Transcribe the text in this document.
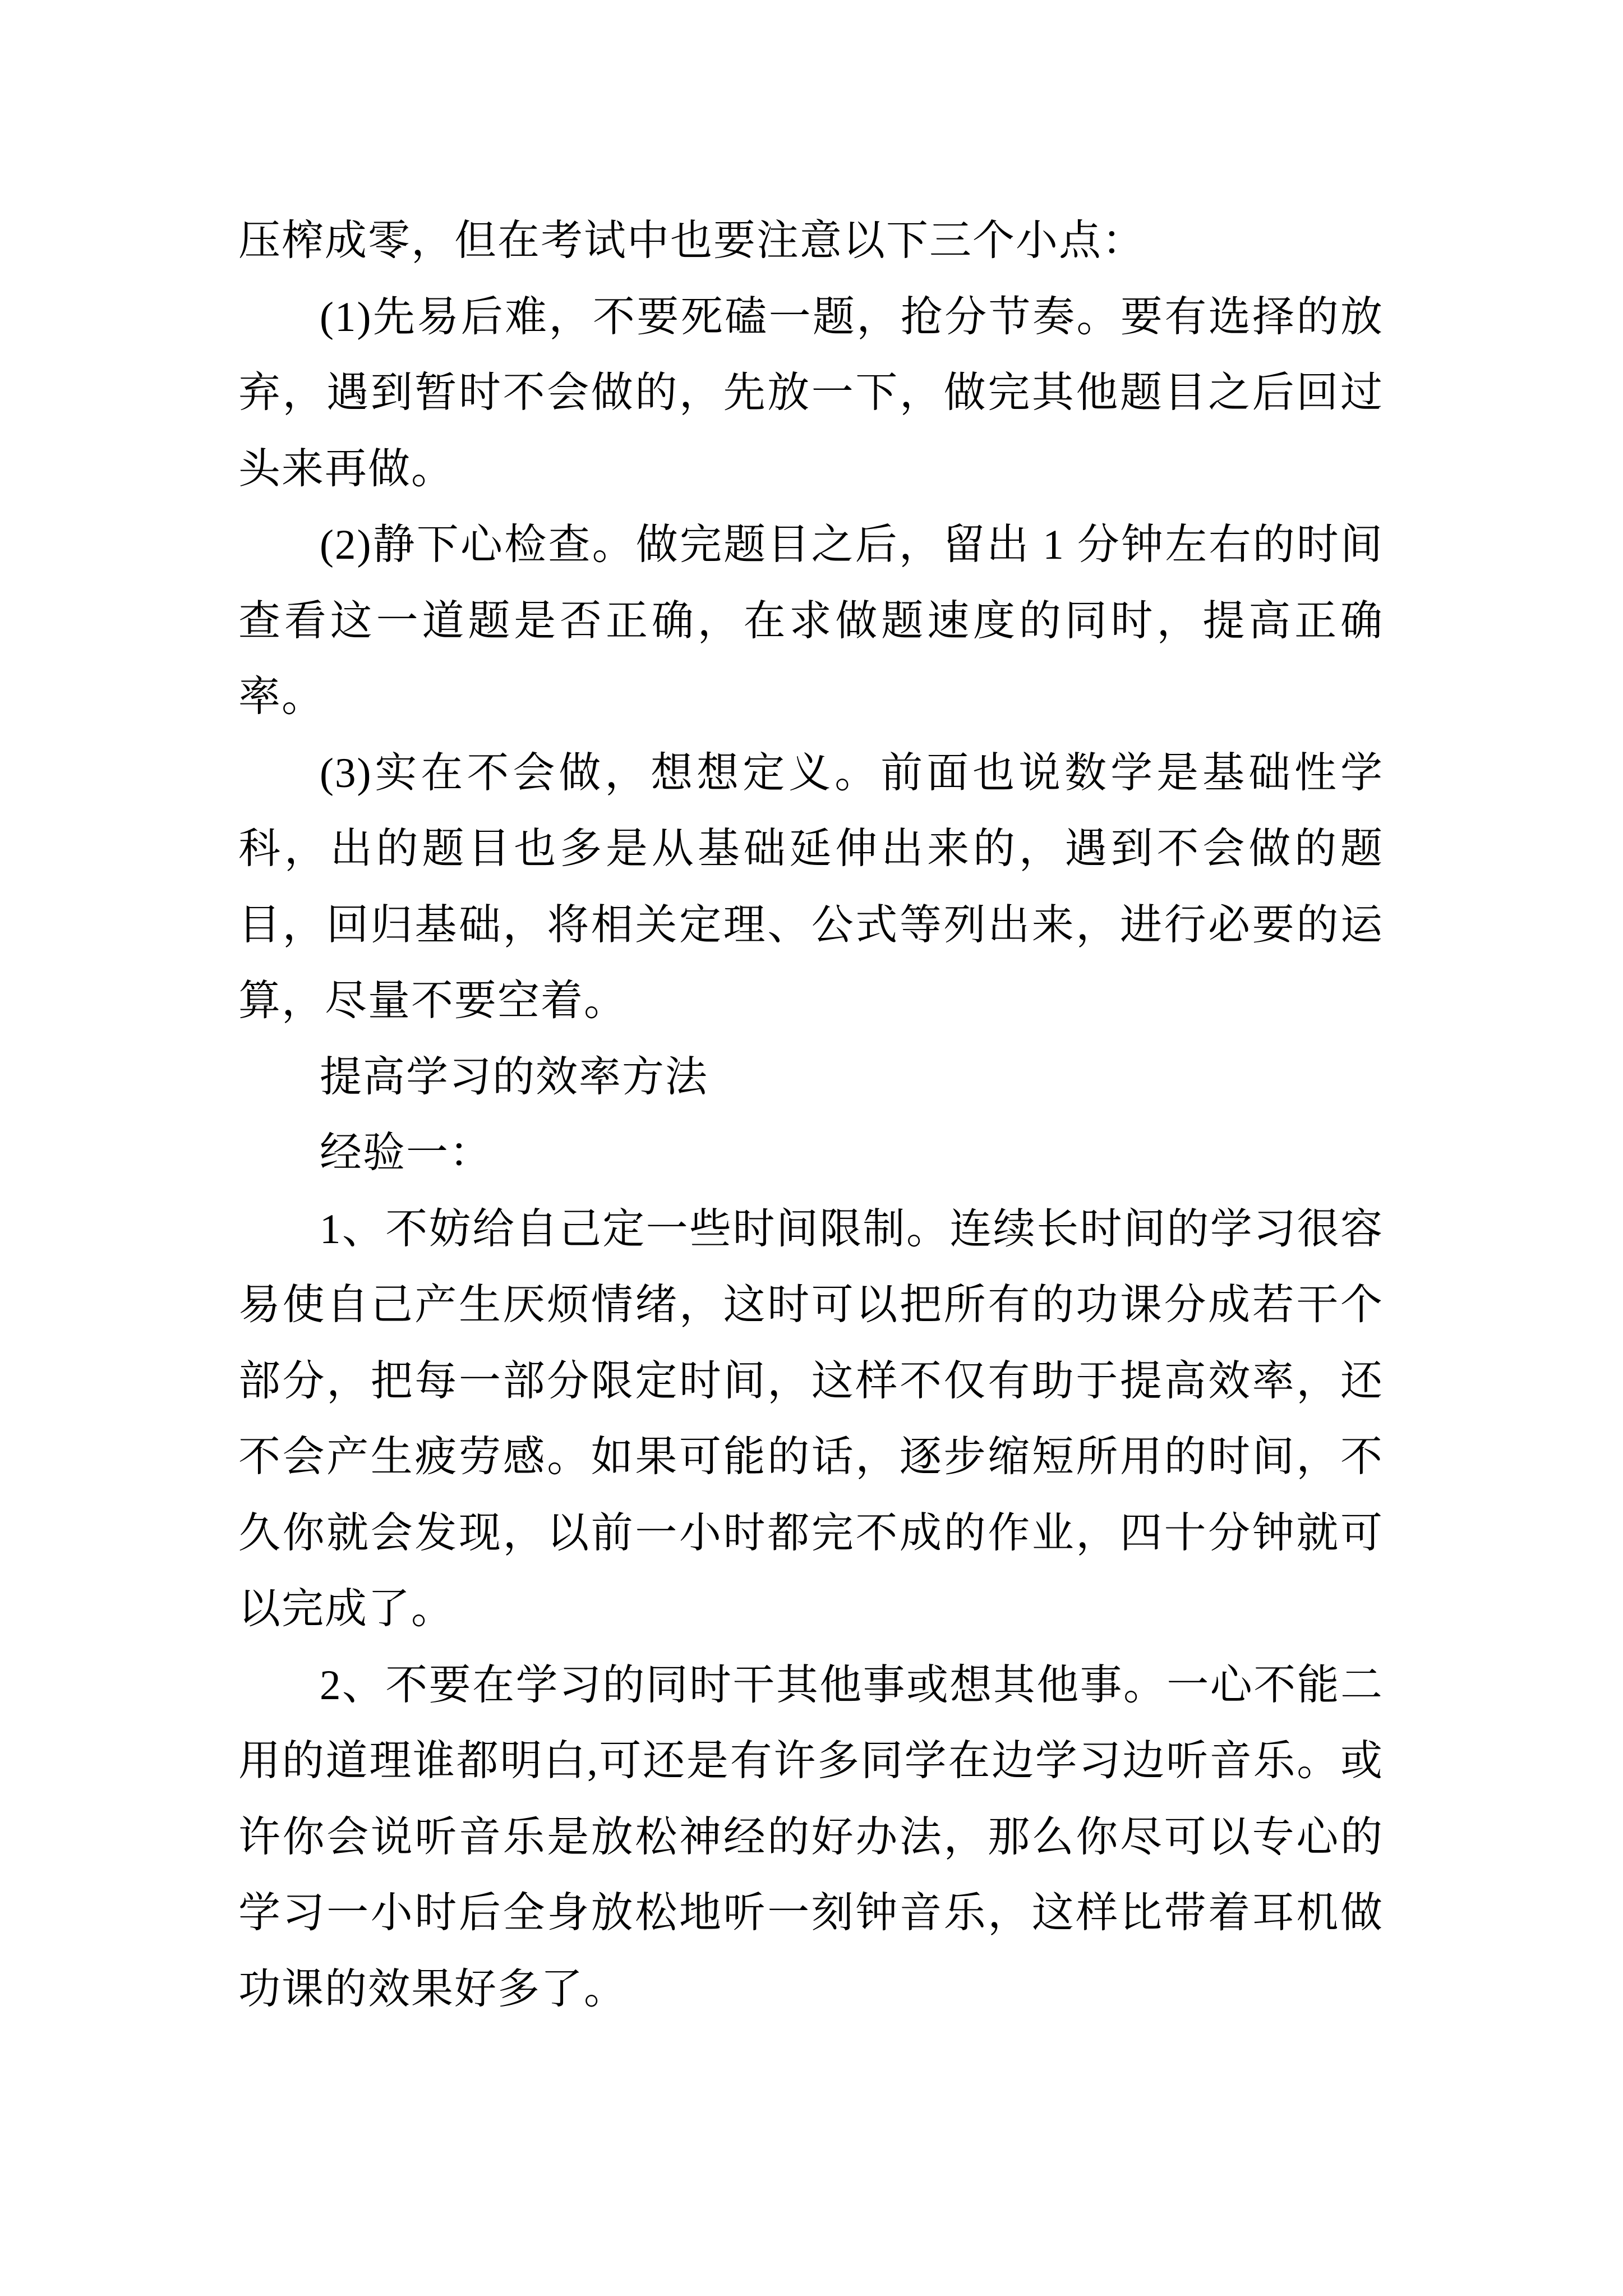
压榨成零，但在考试中也要注意以下三个小点：

(1)先易后难，不要死磕一题，抢分节奏。要有选择的放弃，遇到暂时不会做的，先放一下，做完其他题目之后回过头来再做。

(2)静下心检查。做完题目之后，留出 1 分钟左右的时间查看这一道题是否正确，在求做题速度的同时，提高正确率。

(3)实在不会做，想想定义。前面也说数学是基础性学科，出的题目也多是从基础延伸出来的，遇到不会做的题目，回归基础，将相关定理、公式等列出来，进行必要的运算，尽量不要空着。

提高学习的效率方法

经验一：

1、不妨给自己定一些时间限制。连续长时间的学习很容易使自己产生厌烦情绪，这时可以把所有的功课分成若干个部分，把每一部分限定时间，这样不仅有助于提高效率，还不会产生疲劳感。如果可能的话，逐步缩短所用的时间，不久你就会发现，以前一小时都完不成的作业，四十分钟就可以完成了。

2、不要在学习的同时干其他事或想其他事。一心不能二用的道理谁都明白,可还是有许多同学在边学习边听音乐。或许你会说听音乐是放松神经的好办法，那么你尽可以专心的学习一小时后全身放松地听一刻钟音乐，这样比带着耳机做功课的效果好多了。
